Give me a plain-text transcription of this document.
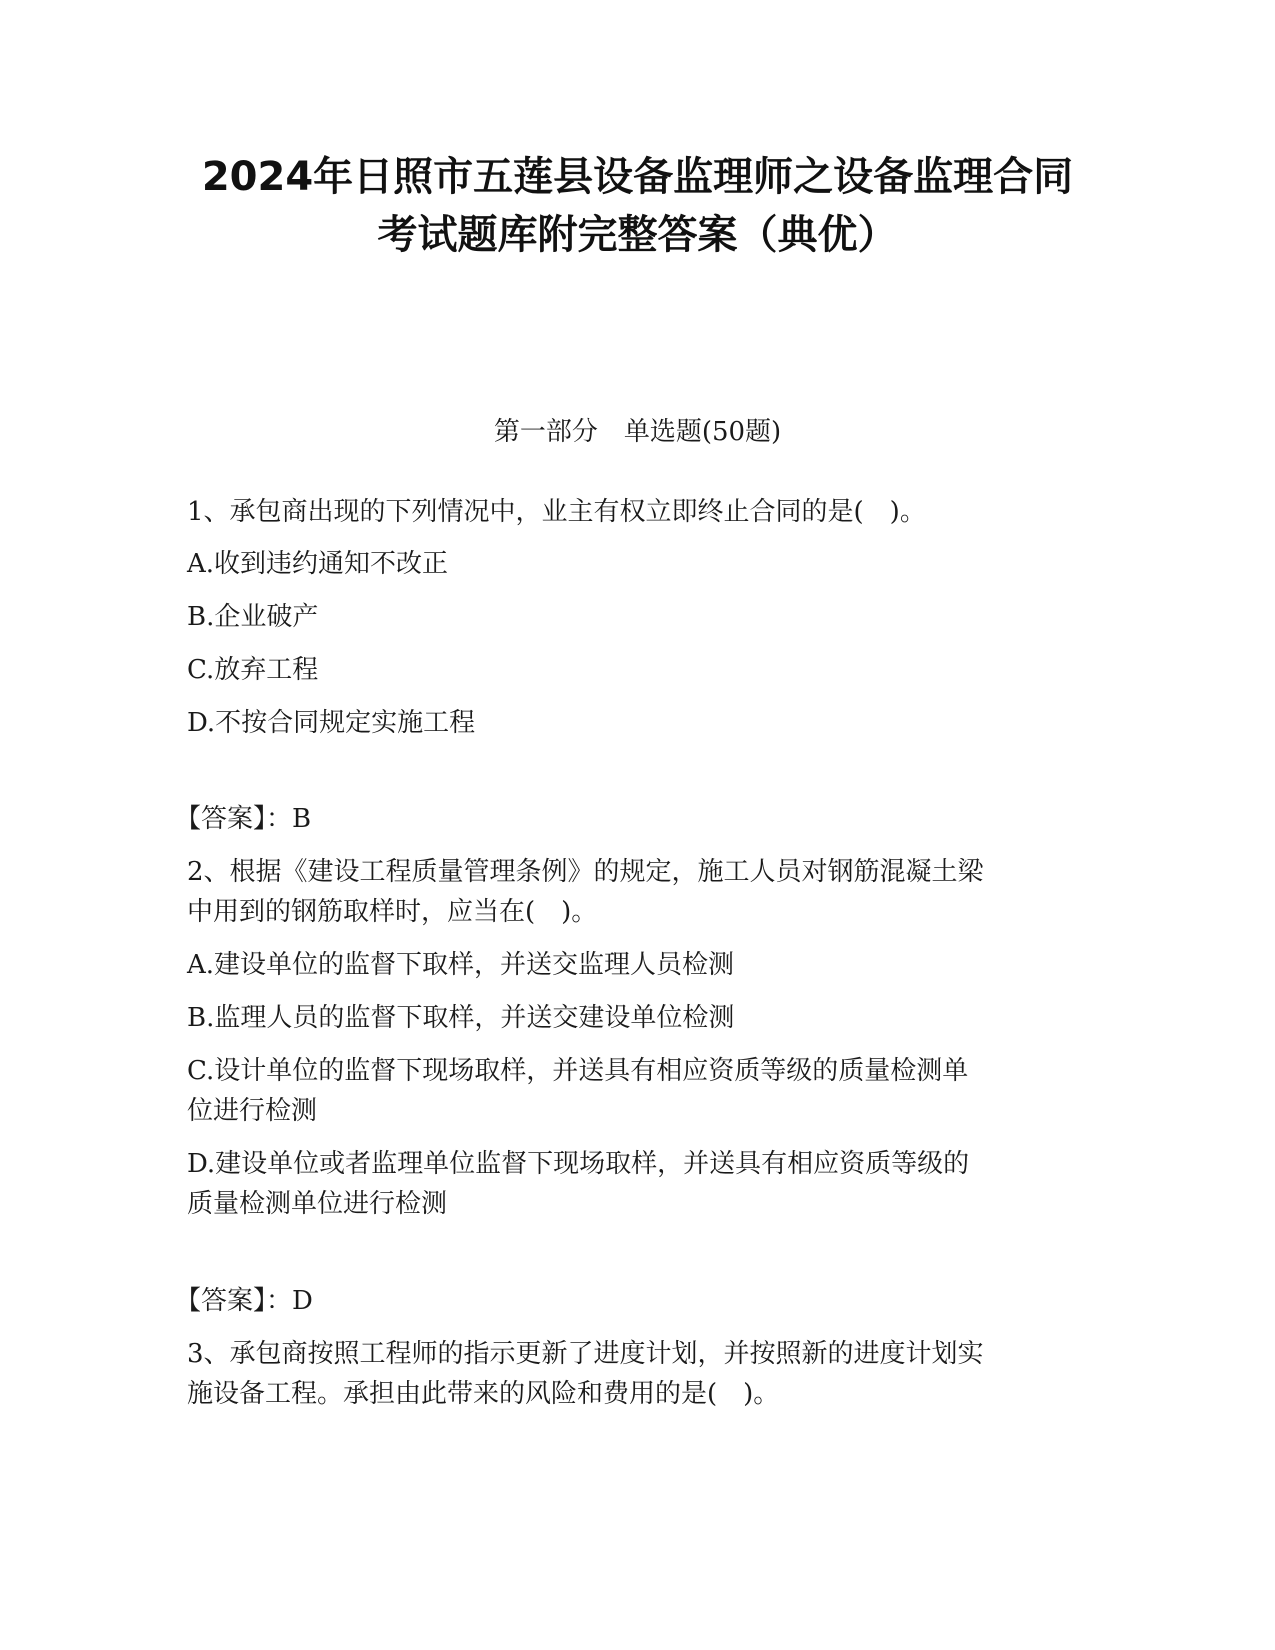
2024年日照市五莲县设备监理师之设备监理合同
考试题库附完整答案（典优）
第一部分　单选题(50题)
1、承包商出现的下列情况中，业主有权立即终止合同的是(　)。
A.收到违约通知不改正
B.企业破产
C.放弃工程
D.不按合同规定实施工程
【答案】：B
2、根据《建设工程质量管理条例》的规定，施工人员对钢筋混凝土梁
中用到的钢筋取样时，应当在(　)。
A.建设单位的监督下取样，并送交监理人员检测
B.监理人员的监督下取样，并送交建设单位检测
C.设计单位的监督下现场取样，并送具有相应资质等级的质量检测单
位进行检测
D.建设单位或者监理单位监督下现场取样，并送具有相应资质等级的
质量检测单位进行检测
【答案】：D
3、承包商按照工程师的指示更新了进度计划，并按照新的进度计划实
施设备工程。承担由此带来的风险和费用的是(　)。
